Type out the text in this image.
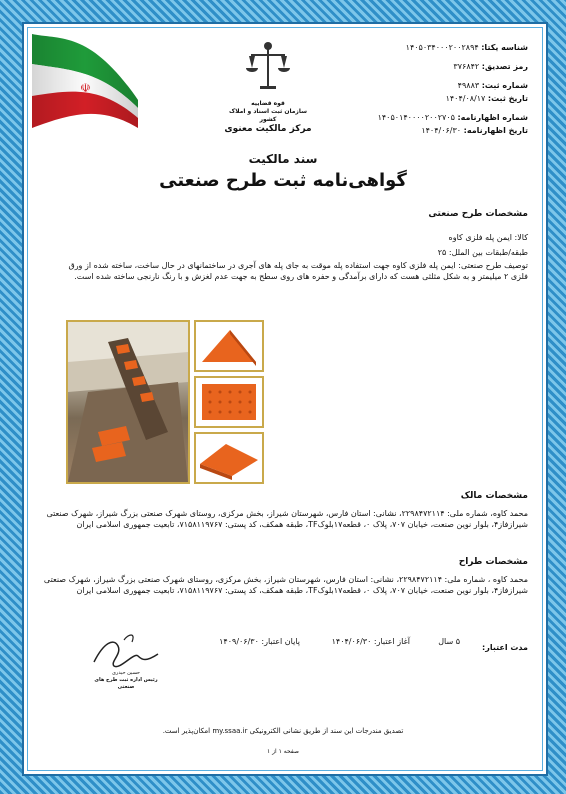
☫
قوه قضاییه
سازمان ثبت اسناد و املاک کشور
مرکز مالکیت معنوی
شناسه یکتا: ۱۴۰۵۰۳۴۰۰۰۲۰۰۲۸۹۴
رمز تصدیق: ۳۷۶۸۴۲
شماره ثبت: ۴۹۸۸۳
تاریخ ثبت: ۱۴۰۴/۰۸/۱۷
شماره اظهارنامه: ۱۴۰۵۰۱۴۰۰۰۰۲۰۰۲۷۰۵
تاریخ اظهارنامه: ۱۴۰۴/۰۶/۳۰
سند مالکیت
گواهی‌نامه ثبت طرح صنعتی
مشخصات طرح صنعتی
کالا: ایمن پله فلزی کاوه
طبقه/طبقات بین الملل: ۲۵
توصیف طرح صنعتی: ایمن پله فلزی کاوه جهت استفاده پله موقت به جای پله های آجری در ساختمانهای در حال ساخت، ساخته شده از ورق فلزی ۲ میلیمتر و به شکل مثلثی هست که دارای برآمدگی و حفره های روی سطح به جهت عدم لغزش و با رنگ نارنجی ساخته شده است.
مشخصات مالک
محمد کاوه، شماره ملی: ۲۲۹۸۴۷۲۱۱۴، نشانی: استان فارس، شهرستان شیراز، بخش مرکزی، روستای شهرک صنعتی بزرگ شیراز، شهرک صنعتی شیراز‌فاز۴، بلوار نوین صنعت، خیابان ۷۰۷، پلاک ۰، قطعه۱۷بلوکTF، طبقه همکف، کد پستی: ۷۱۵۸۱۱۹۷۶۷، تابعیت جمهوری اسلامی ایران
مشخصات طراح
محمد کاوه ، شماره ملی: ۲۲۹۸۴۷۲۱۱۴، نشانی: استان فارس، شهرستان شیراز، بخش مرکزی، روستای شهرک صنعتی بزرگ شیراز، شهرک صنعتی شیراز‌فاز۴، بلوار نوین صنعت، خیابان ۷۰۷، پلاک ۰، قطعه۱۷بلوکTF، طبقه همکف، کد پستی: ۷۱۵۸۱۱۹۷۶۷، تابعیت جمهوری اسلامی ایران
مدت اعتبار:
۵ سال
آغاز اعتبار: ۱۴۰۴/۰۶/۳۰
پایان اعتبار: ۱۴۰۹/۰۶/۳۰
حسین حیدری
رئیس اداره ثبت طرح های صنعتی
تصدیق مندرجات این سند از طریق نشانی الکترونیکی my.ssaa.ir امکان‌پذیر است.
صفحه ۱ از ۱
